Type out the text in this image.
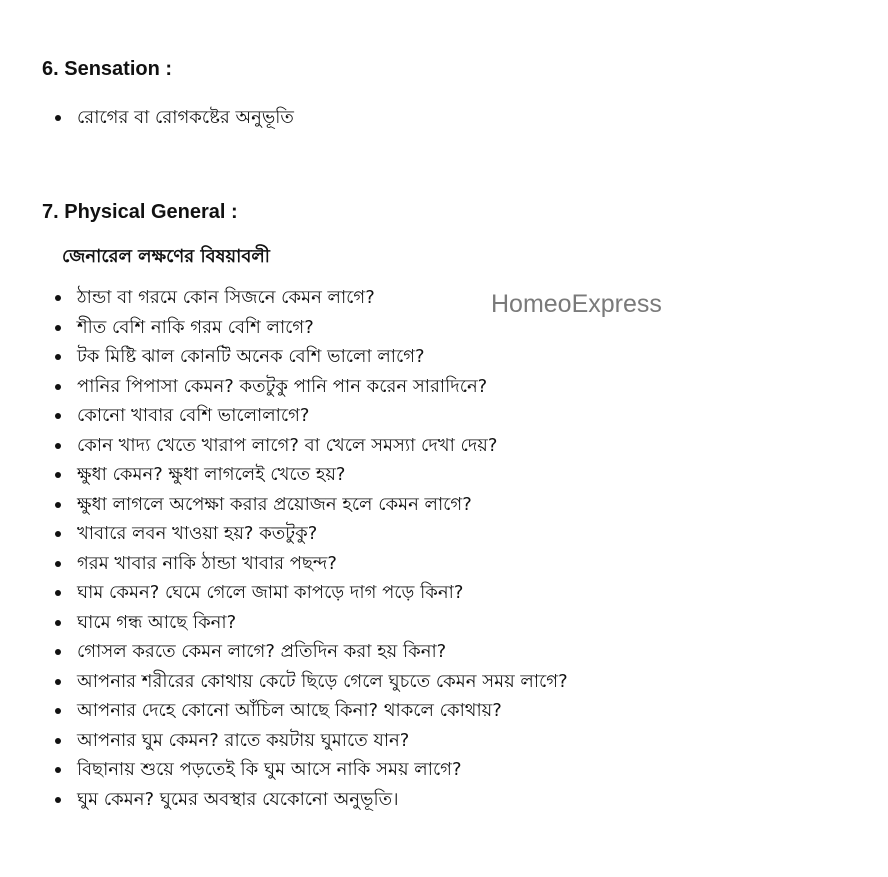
6. Sensation :
রোগের বা রোগকষ্টের অনুভূতি
7. Physical General :
জেনারেল লক্ষণের বিষয়াবলী
HomeoExpress
ঠান্ডা বা গরমে কোন সিজনে কেমন লাগে?
শীত বেশি নাকি গরম বেশি লাগে?
টক মিষ্টি ঝাল কোনটি অনেক বেশি ভালো লাগে?
পানির পিপাসা কেমন? কতটুকু পানি পান করেন সারাদিনে?
কোনো খাবার বেশি ভালোলাগে?
কোন খাদ্য খেতে খারাপ লাগে? বা খেলে সমস্যা দেখা দেয়?
ক্ষুধা কেমন? ক্ষুধা লাগলেই খেতে হয়?
ক্ষুধা লাগলে অপেক্ষা করার প্রয়োজন হলে কেমন লাগে?
খাবারে লবন খাওয়া হয়? কতটুকু?
গরম খাবার নাকি ঠান্ডা খাবার পছন্দ?
ঘাম কেমন? ঘেমে গেলে জামা কাপড়ে দাগ পড়ে কিনা?
ঘামে গন্ধ আছে কিনা?
গোসল করতে কেমন লাগে? প্রতিদিন করা হয় কিনা?
আপনার শরীরের কোথায় কেটে ছিড়ে গেলে ঘুচতে কেমন সময় লাগে?
আপনার দেহে কোনো আঁচিল আছে কিনা? থাকলে কোথায়?
আপনার ঘুম কেমন? রাতে কয়টায় ঘুমাতে যান?
বিছানায় শুয়ে পড়তেই কি ঘুম আসে নাকি সময় লাগে?
ঘুম কেমন? ঘুমের অবস্থার যেকোনো অনুভূতি।
